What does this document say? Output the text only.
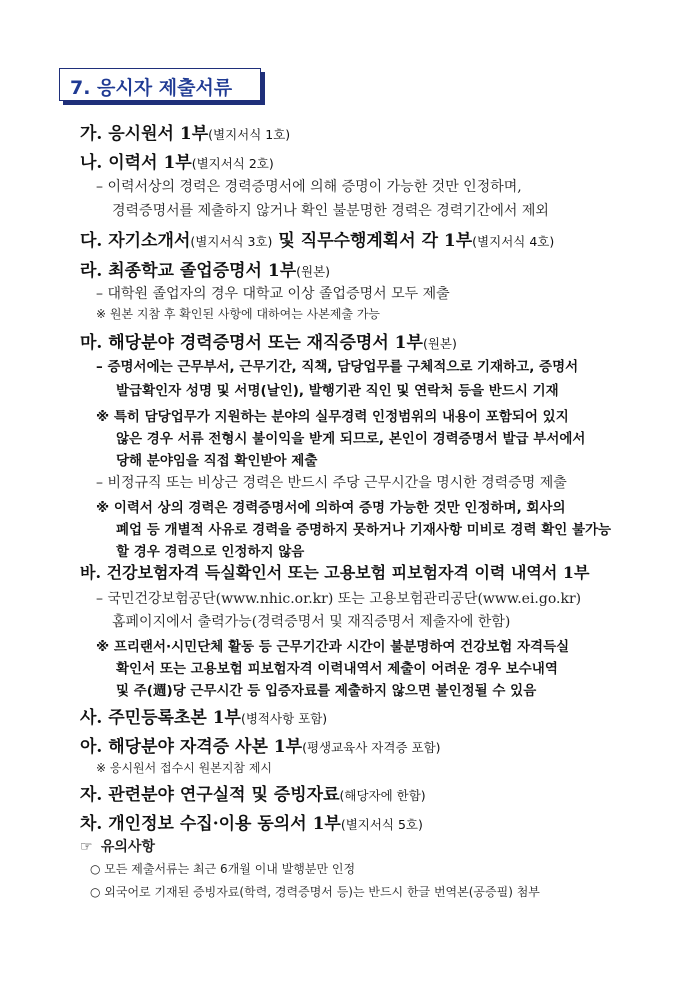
7. 응시자 제출서류
가. 응시원서 1부(별지서식 1호)
나. 이력서 1부(별지서식 2호)
– 이력서상의 경력은 경력증명서에 의해 증명이 가능한 것만 인정하며,
경력증명서를 제출하지 않거나 확인 불분명한 경력은 경력기간에서 제외
다. 자기소개서(별지서식 3호) 및 직무수행계획서 각 1부(별지서식 4호)
라. 최종학교 졸업증명서 1부(원본)
– 대학원 졸업자의 경우 대학교 이상 졸업증명서 모두 제출
※ 원본 지참 후 확인된 사항에 대하여는 사본제출 가능
마. 해당분야 경력증명서 또는 재직증명서 1부(원본)
– 증명서에는 근무부서, 근무기간, 직책, 담당업무를 구체적으로 기재하고, 증명서
발급확인자 성명 및 서명(날인), 발행기관 직인 및 연락처 등을 반드시 기재
※ 특히 담당업무가 지원하는 분야의 실무경력 인정범위의 내용이 포함되어 있지
않은 경우 서류 전형시 불이익을 받게 되므로, 본인이 경력증명서 발급 부서에서
당해 분야임을 직접 확인받아 제출
– 비정규직 또는 비상근 경력은 반드시 주당 근무시간을 명시한 경력증명 제출
※ 이력서 상의 경력은 경력증명서에 의하여 증명 가능한 것만 인정하며, 회사의
폐업 등 개별적 사유로 경력을 증명하지 못하거나 기재사항 미비로 경력 확인 불가능
할 경우 경력으로 인정하지 않음
바. 건강보험자격 득실확인서 또는 고용보험 피보험자격 이력 내역서 1부
– 국민건강보험공단(www.nhic.or.kr) 또는 고용보험관리공단(www.ei.go.kr)
홈페이지에서 출력가능(경력증명서 및 재직증명서 제출자에 한함)
※ 프리랜서·시민단체 활동 등 근무기간과 시간이 불분명하여 건강보험 자격득실
확인서 또는 고용보험 피보험자격 이력내역서 제출이 어려운 경우 보수내역
및 주(週)당 근무시간 등 입증자료를 제출하지 않으면 불인정될 수 있음
사. 주민등록초본 1부(병적사항 포함)
아. 해당분야 자격증 사본 1부(평생교육사 자격증 포함)
※ 응시원서 접수시 원본지참 제시
자. 관련분야 연구실적 및 증빙자료(해당자에 한함)
차. 개인정보 수집·이용 동의서 1부(별지서식 5호)
☞ 유의사항
○ 모든 제출서류는 최근 6개월 이내 발행분만 인정
○ 외국어로 기재된 증빙자료(학력, 경력증명서 등)는 반드시 한글 번역본(공증필) 첨부
